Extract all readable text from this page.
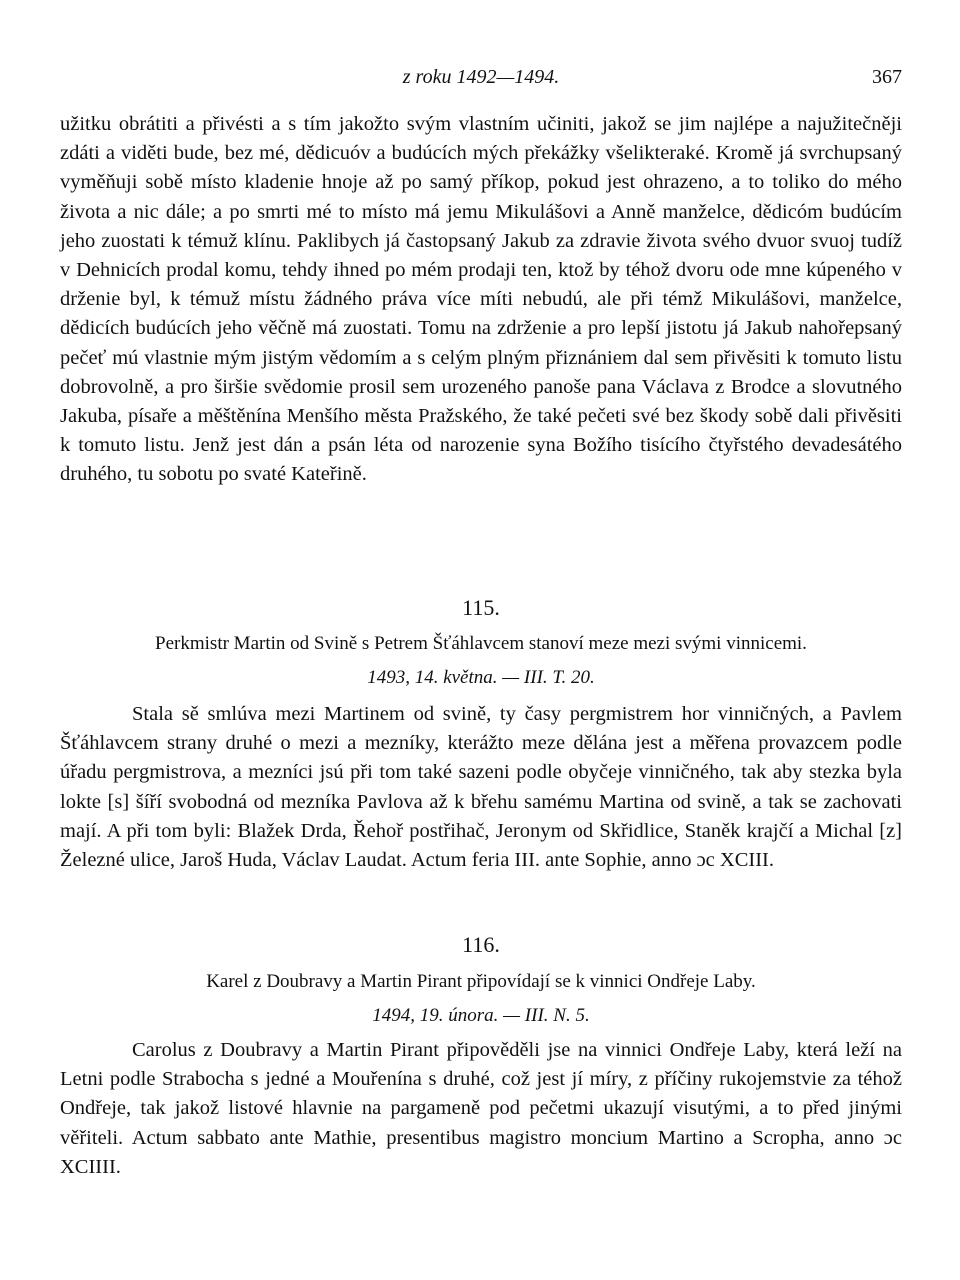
z roku 1492—1494.	367

užitku obrátiti a přivésti a s tím jakožto svým vlastním učiniti, jakož se jim najlépe a najužitečněji zdáti a viděti bude, bez mé, dědicuóv a budúcích mých překážky všelikteraké. Kromě já svrchupsaný vyměňuji sobě místo kladenie hnoje až po samý příkop, pokud jest ohrazeno, a to toliko do mého života a nic dále; a po smrti mé to místo má jemu Mikulášovi a Anně manželce, dědicóm budúcím jeho zuostati k témuž klínu. Paklibych já častopsaný Jakub za zdravie života svého dvuor svuoj tudíž v Dehnicích prodal komu, tehdy ihned po mém prodaji ten, ktož by téhož dvoru ode mne kúpeného v drženie byl, k témuž místu žádného práva více míti nebudú, ale při témž Mikulášovi, manželce, dědicích budúcích jeho věčně má zuostati. Tomu na zdrženie a pro lepší jistotu já Jakub nahořepsaný pečeť mú vlastnie mým jistým vědomím a s celým plným přiznániem dal sem přivěsiti k tomuto listu dobrovolně, a pro širšie svědomie prosil sem urozeného panoše pana Václava z Brodce a slovutného Jakuba, písaře a měštěnína Menšího města Pražského, že také pečeti své bez škody sobě dali přivěsiti k tomuto listu. Jenž jest dán a psán léta od narozenie syna Božího tisícího čtyřstého devadesátého druhého, tu sobotu po svaté Kateřině.

115.
Perkmistr Martin od Svině s Petrem Šťáhlavcem stanoví meze mezi svými vinnicemi.
1493, 14. května. — III. T. 20.

Stala sě smlúva mezi Martinem od svině, ty časy pergmistrem hor vinničných, a Pavlem Šťáhlavcem strany druhé o mezi a mezníky, kterážto meze dělána jest a měřena provazcem podle úřadu pergmistrova, a mezníci jsú při tom také sazeni podle obyčeje vinničného, tak aby stezka byla lokte [s] šíří svobodná od mezníka Pavlova až k břehu samému Martina od svině, a tak se zachovati mají. A při tom byli: Blažek Drda, Řehoř postřihač, Jeronym od Skřidlice, Staněk krajčí a Michal [z] Železné ulice, Jaroš Huda, Václav Laudat. Actum feria III. ante Sophie, anno ɔc XCIII.

116.
Karel z Doubravy a Martin Pirant připovídají se k vinnici Ondřeje Laby.
1494, 19. února. — III. N. 5.

Carolus z Doubravy a Martin Pirant připověděli jse na vinnici Ondřeje Laby, která leží na Letni podle Strabocha s jedné a Mouřenína s druhé, což jest jí míry, z příčiny rukojemstvie za téhož Ondřeje, tak jakož listové hlavnie na pargameně pod pečetmi ukazují visutými, a to před jinými věřiteli. Actum sabbato ante Mathie, presentibus magistro moncium Martino a Scropha, anno ɔc XCIIII.
